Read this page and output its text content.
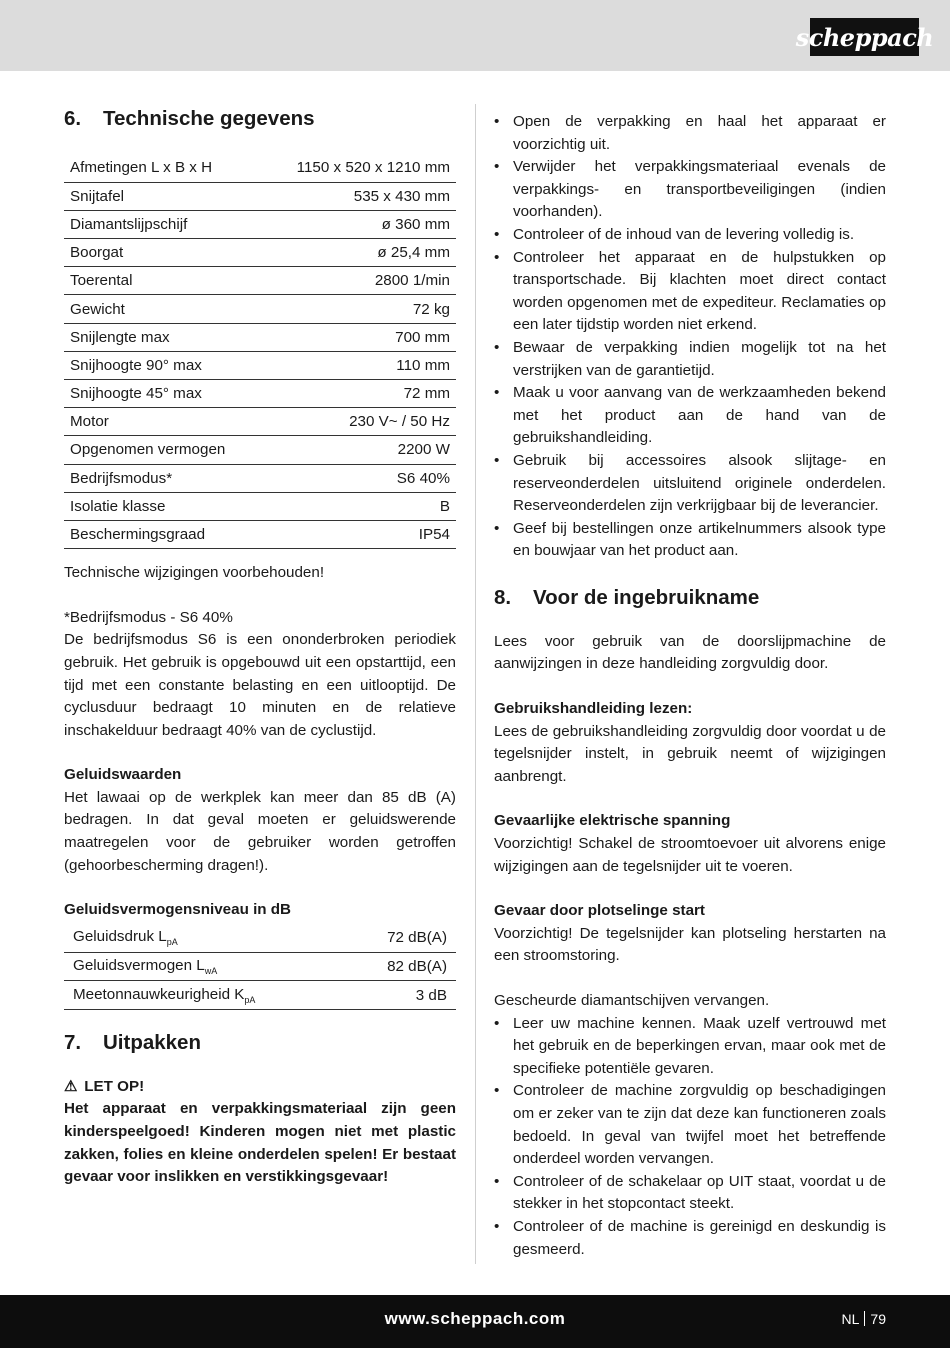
scheppach
6.	Technische gegevens
Afmetingen L x B x H	1150 x 520 x 1210 mm
Snijtafel	535 x 430 mm
Diamantslijpschijf	ø 360 mm
Boorgat	ø 25,4 mm
Toerental	2800 1/min
Gewicht	72 kg
Snijlengte max	700 mm
Snijhoogte 90° max	110 mm
Snijhoogte 45° max	72 mm
Motor	230 V~ / 50 Hz
Opgenomen vermogen	2200 W
Bedrijfsmodus*	S6 40%
Isolatie klasse	B
Beschermingsgraad	IP54

Technische wijzigingen voorbehouden!

*Bedrijfsmodus - S6 40%

De bedrijfsmodus S6 is een ononderbroken periodiek gebruik. Het gebruik is opgebouwd uit een opstarttijd, een tijd met een constante belasting en een uitlooptijd. De cyclusduur bedraagt 10 minuten en de relatieve inschakelduur bedraagt 40% van de cyclustijd.

Geluidswaarden

Het lawaai op de werkplek kan meer dan 85 dB (A) bedragen. In dat geval moeten er geluidswerende maatregelen voor de gebruiker worden getroffen (gehoorbescherming dragen!).

Geluidsvermogensniveau in dB

Geluidsdruk $L_{pA}$	72 dB(A)
Geluidsvermogen $L_{wA}$	82 dB(A)
Meetonnauwkeurigheid $K_{pA}$	3 dB
7.	Uitpakken

⚠ LET OP!

Het apparaat en verpakkingsmateriaal zijn geen kinderspeelgoed! Kinderen mogen niet met plastic zakken, folies en kleine onderdelen spelen! Er bestaat gevaar voor inslikken en verstikkingsgevaar!

• Open de verpakking en haal het apparaat er voorzichtig uit.
• Verwijder het verpakkingsmateriaal evenals de verpakkings- en transportbeveiligingen (indien voorhanden).
• Controleer of de inhoud van de levering volledig is.
• Controleer het apparaat en de hulpstukken op transportschade. Bij klachten moet direct contact worden opgenomen met de expediteur. Reclamaties op een later tijdstip worden niet erkend.
• Bewaar de verpakking indien mogelijk tot na het verstrijken van de garantietijd.
• Maak u voor aanvang van de werkzaamheden bekend met het product aan de hand van de gebruikshandleiding.
• Gebruik bij accessoires alsook slijtage- en reserveonderdelen uitsluitend originele onderdelen. Reserveonderdelen zijn verkrijgbaar bij de leverancier.
• Geef bij bestellingen onze artikelnummers alsook type en bouwjaar van het product aan.
8.	Voor de ingebruikname

Lees voor gebruik van de doorslijpmachine de aanwijzingen in deze handleiding zorgvuldig door.

Gebruikshandleiding lezen:

Lees de gebruikshandleiding zorgvuldig door voordat u de tegelsnijder instelt, in gebruik neemt of wijzigingen aanbrengt.

Gevaarlijke elektrische spanning

Voorzichtig! Schakel de stroomtoevoer uit alvorens enige wijzigingen aan de tegelsnijder uit te voeren.

Gevaar door plotselinge start

Voorzichtig! De tegelsnijder kan plotseling herstarten na een stroomstoring.

Gescheurde diamantschijven vervangen.

• Leer uw machine kennen. Maak uzelf vertrouwd met het gebruik en de beperkingen ervan, maar ook met de specifieke potentiële gevaren.
• Controleer de machine zorgvuldig op beschadigingen om er zeker van te zijn dat deze kan functioneren zoals bedoeld. In geval van twijfel moet het betreffende onderdeel worden vervangen.
• Controleer of de schakelaar op UIT staat, voordat u de stekker in het stopcontact steekt.
• Controleer of de machine is gereinigd en deskundig is gesmeerd.
www.scheppach.com	NL 79
